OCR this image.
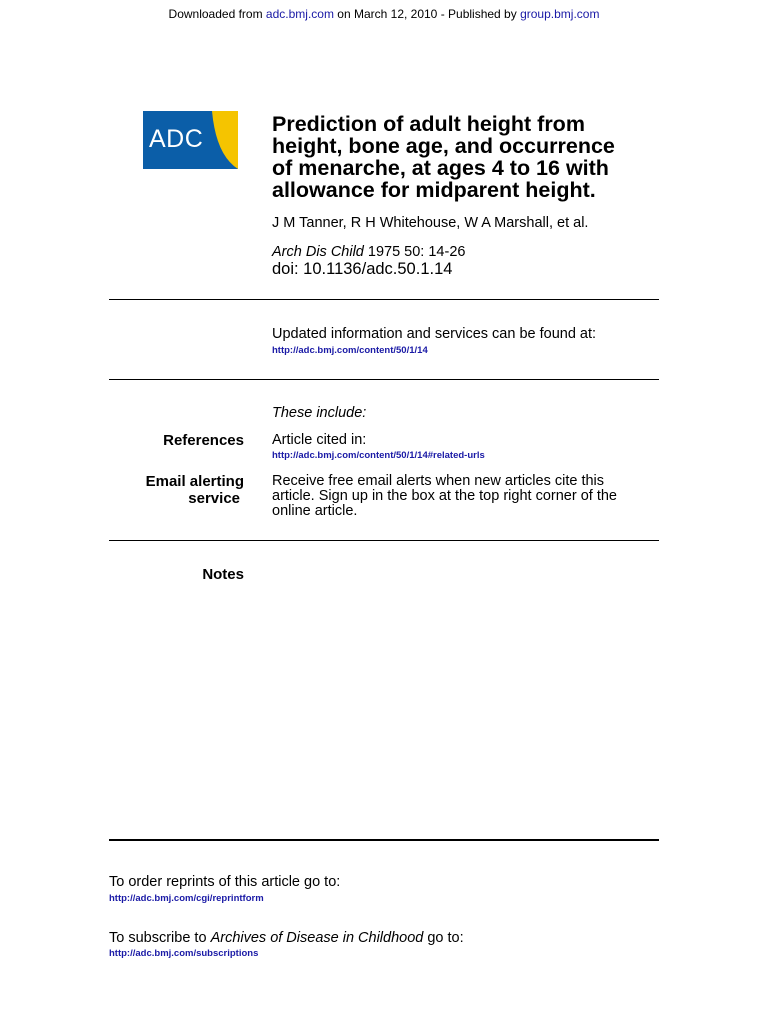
Downloaded from adc.bmj.com on March 12, 2010 - Published by group.bmj.com
ADC
Prediction of adult height from
height, bone age, and occurrence
of menarche, at ages 4 to 16 with
allowance for midparent height.
J M Tanner, R H Whitehouse, W A Marshall, et al.
Arch Dis Child 1975 50: 14-26
doi: 10.1136/adc.50.1.14
Updated information and services can be found at:
http://adc.bmj.com/content/50/1/14
These include:
References Article cited in:
http://adc.bmj.com/content/50/1/14#related-urls
Email alerting
service
Receive free email alerts when new articles cite this
article. Sign up in the box at the top right corner of the
online article.
Notes
To order reprints of this article go to:
http://adc.bmj.com/cgi/reprintform
To subscribe to Archives of Disease in Childhood go to:
http://adc.bmj.com/subscriptions
